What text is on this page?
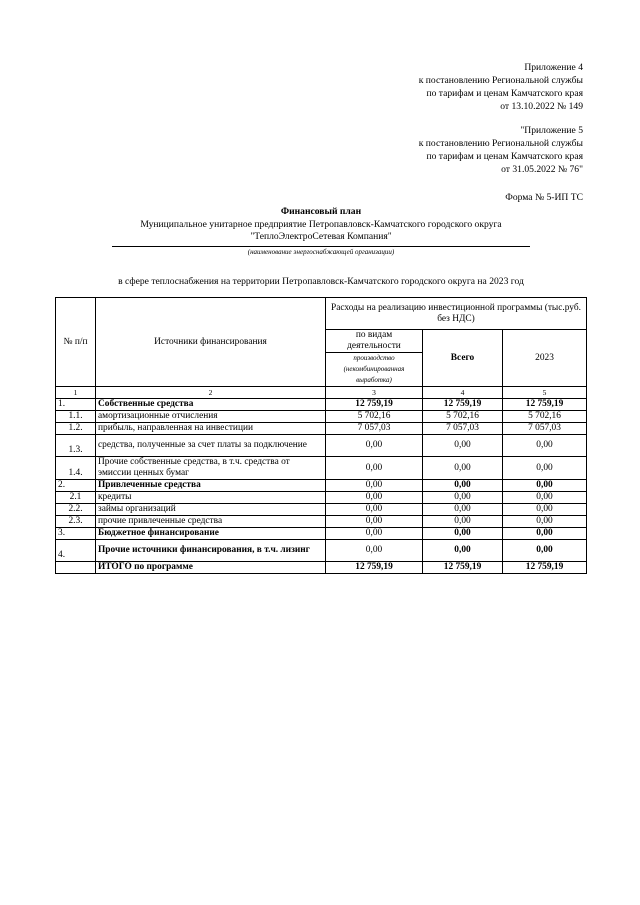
Приложение 4
к постановлению Региональной службы
по тарифам и ценам Камчатского края
от 13.10.2022 № 149
"Приложение 5
к постановлению Региональной службы
по тарифам и ценам Камчатского края
от 31.05.2022 № 76"
Форма № 5-ИП ТС
Финансовый план
Муниципальное унитарное предприятие Петропавловск-Камчатского городского округа
"ТеплоЭлектроСетевая Компания"
(наименование энергоснабжающей организации)
в сфере теплоснабжения на территории Петропавловск-Камчатского городского округа на 2023 год
№ п/п	Источники финансирования	Расходы на реализацию инвестиционной программы (тыс.руб. без НДС)		
		по видам деятельности	Всего	2023
		производство (некомбинированная выработка)		
1	2	3	4	5
1.	Собственные средства	12 759,19	12 759,19	12 759,19
1.1.	амортизационные отчисления	5 702,16	5 702,16	5 702,16
1.2.	прибыль, направленная на инвестиции	7 057,03	7 057,03	7 057,03
1.3.	средства, полученные за счет платы за подключение	0,00	0,00	0,00
1.4.	Прочие собственные средства, в т.ч. средства от эмиссии ценных бумаг	0,00	0,00	0,00
2.	Привлеченные средства	0,00	0,00	0,00
2.1	кредиты	0,00	0,00	0,00
2.2.	займы организаций	0,00	0,00	0,00
2.3.	прочие привлеченные средства	0,00	0,00	0,00
3.	Бюджетное финансирование	0,00	0,00	0,00
4.	Прочие источники финансирования, в т.ч. лизинг	0,00	0,00	0,00
	ИТОГО по программе	12 759,19	12 759,19	12 759,19
